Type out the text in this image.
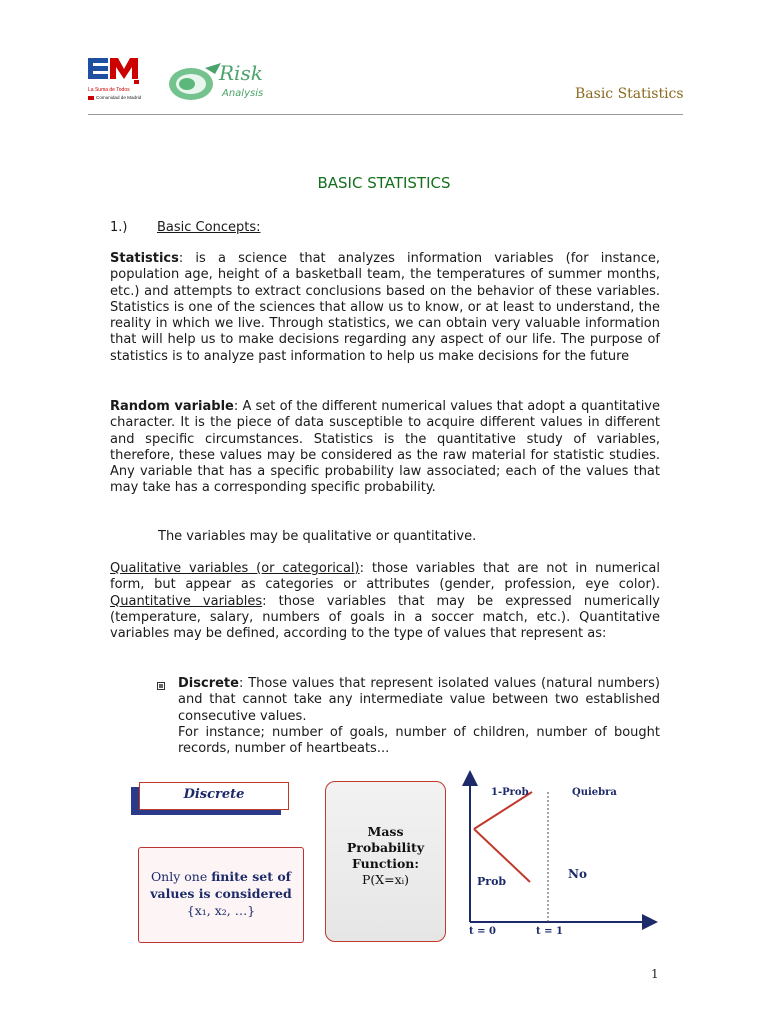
La Suma de Todos
Comunidad de Madrid
Risk
Analysis	Basic Statistics
BASIC STATISTICS
1.) Basic Concepts:
Statistics: is a science that analyzes information variables (for instance, population age, height of a basketball team, the temperatures of summer months, etc.) and attempts to extract conclusions based on the behavior of these variables. Statistics is one of the sciences that allow us to know, or at least to understand, the reality in which we live. Through statistics, we can obtain very valuable information that will help us to make decisions regarding any aspect of our life. The purpose of statistics is to analyze past information to help us make decisions for the future
Random variable: A set of the different numerical values that adopt a quantitative character. It is the piece of data susceptible to acquire different values in different and specific circumstances. Statistics is the quantitative study of variables, therefore, these values may be considered as the raw material for statistic studies. Any variable that has a specific probability law associated; each of the values that may take has a corresponding specific probability.
The variables may be qualitative or quantitative.
Qualitative variables (or categorical): those variables that are not in numerical form, but appear as categories or attributes (gender, profession, eye color). Quantitative variables: those variables that may be expressed numerically (temperature, salary, numbers of goals in a soccer match, etc.). Quantitative variables may be defined, according to the type of values that represent as:
Discrete: Those values that represent isolated values (natural numbers) and that cannot take any intermediate value between two established consecutive values.
For instance; number of goals, number of children, number of bought records, number of heartbeats...
Discrete
Only one finite set of
values is considered
{x₁, x₂, …}
Mass
Probability
Function:
P(X=xᵢ)
1-Prob	Quiebra
No
Prob
t = 0	t = 1
1
